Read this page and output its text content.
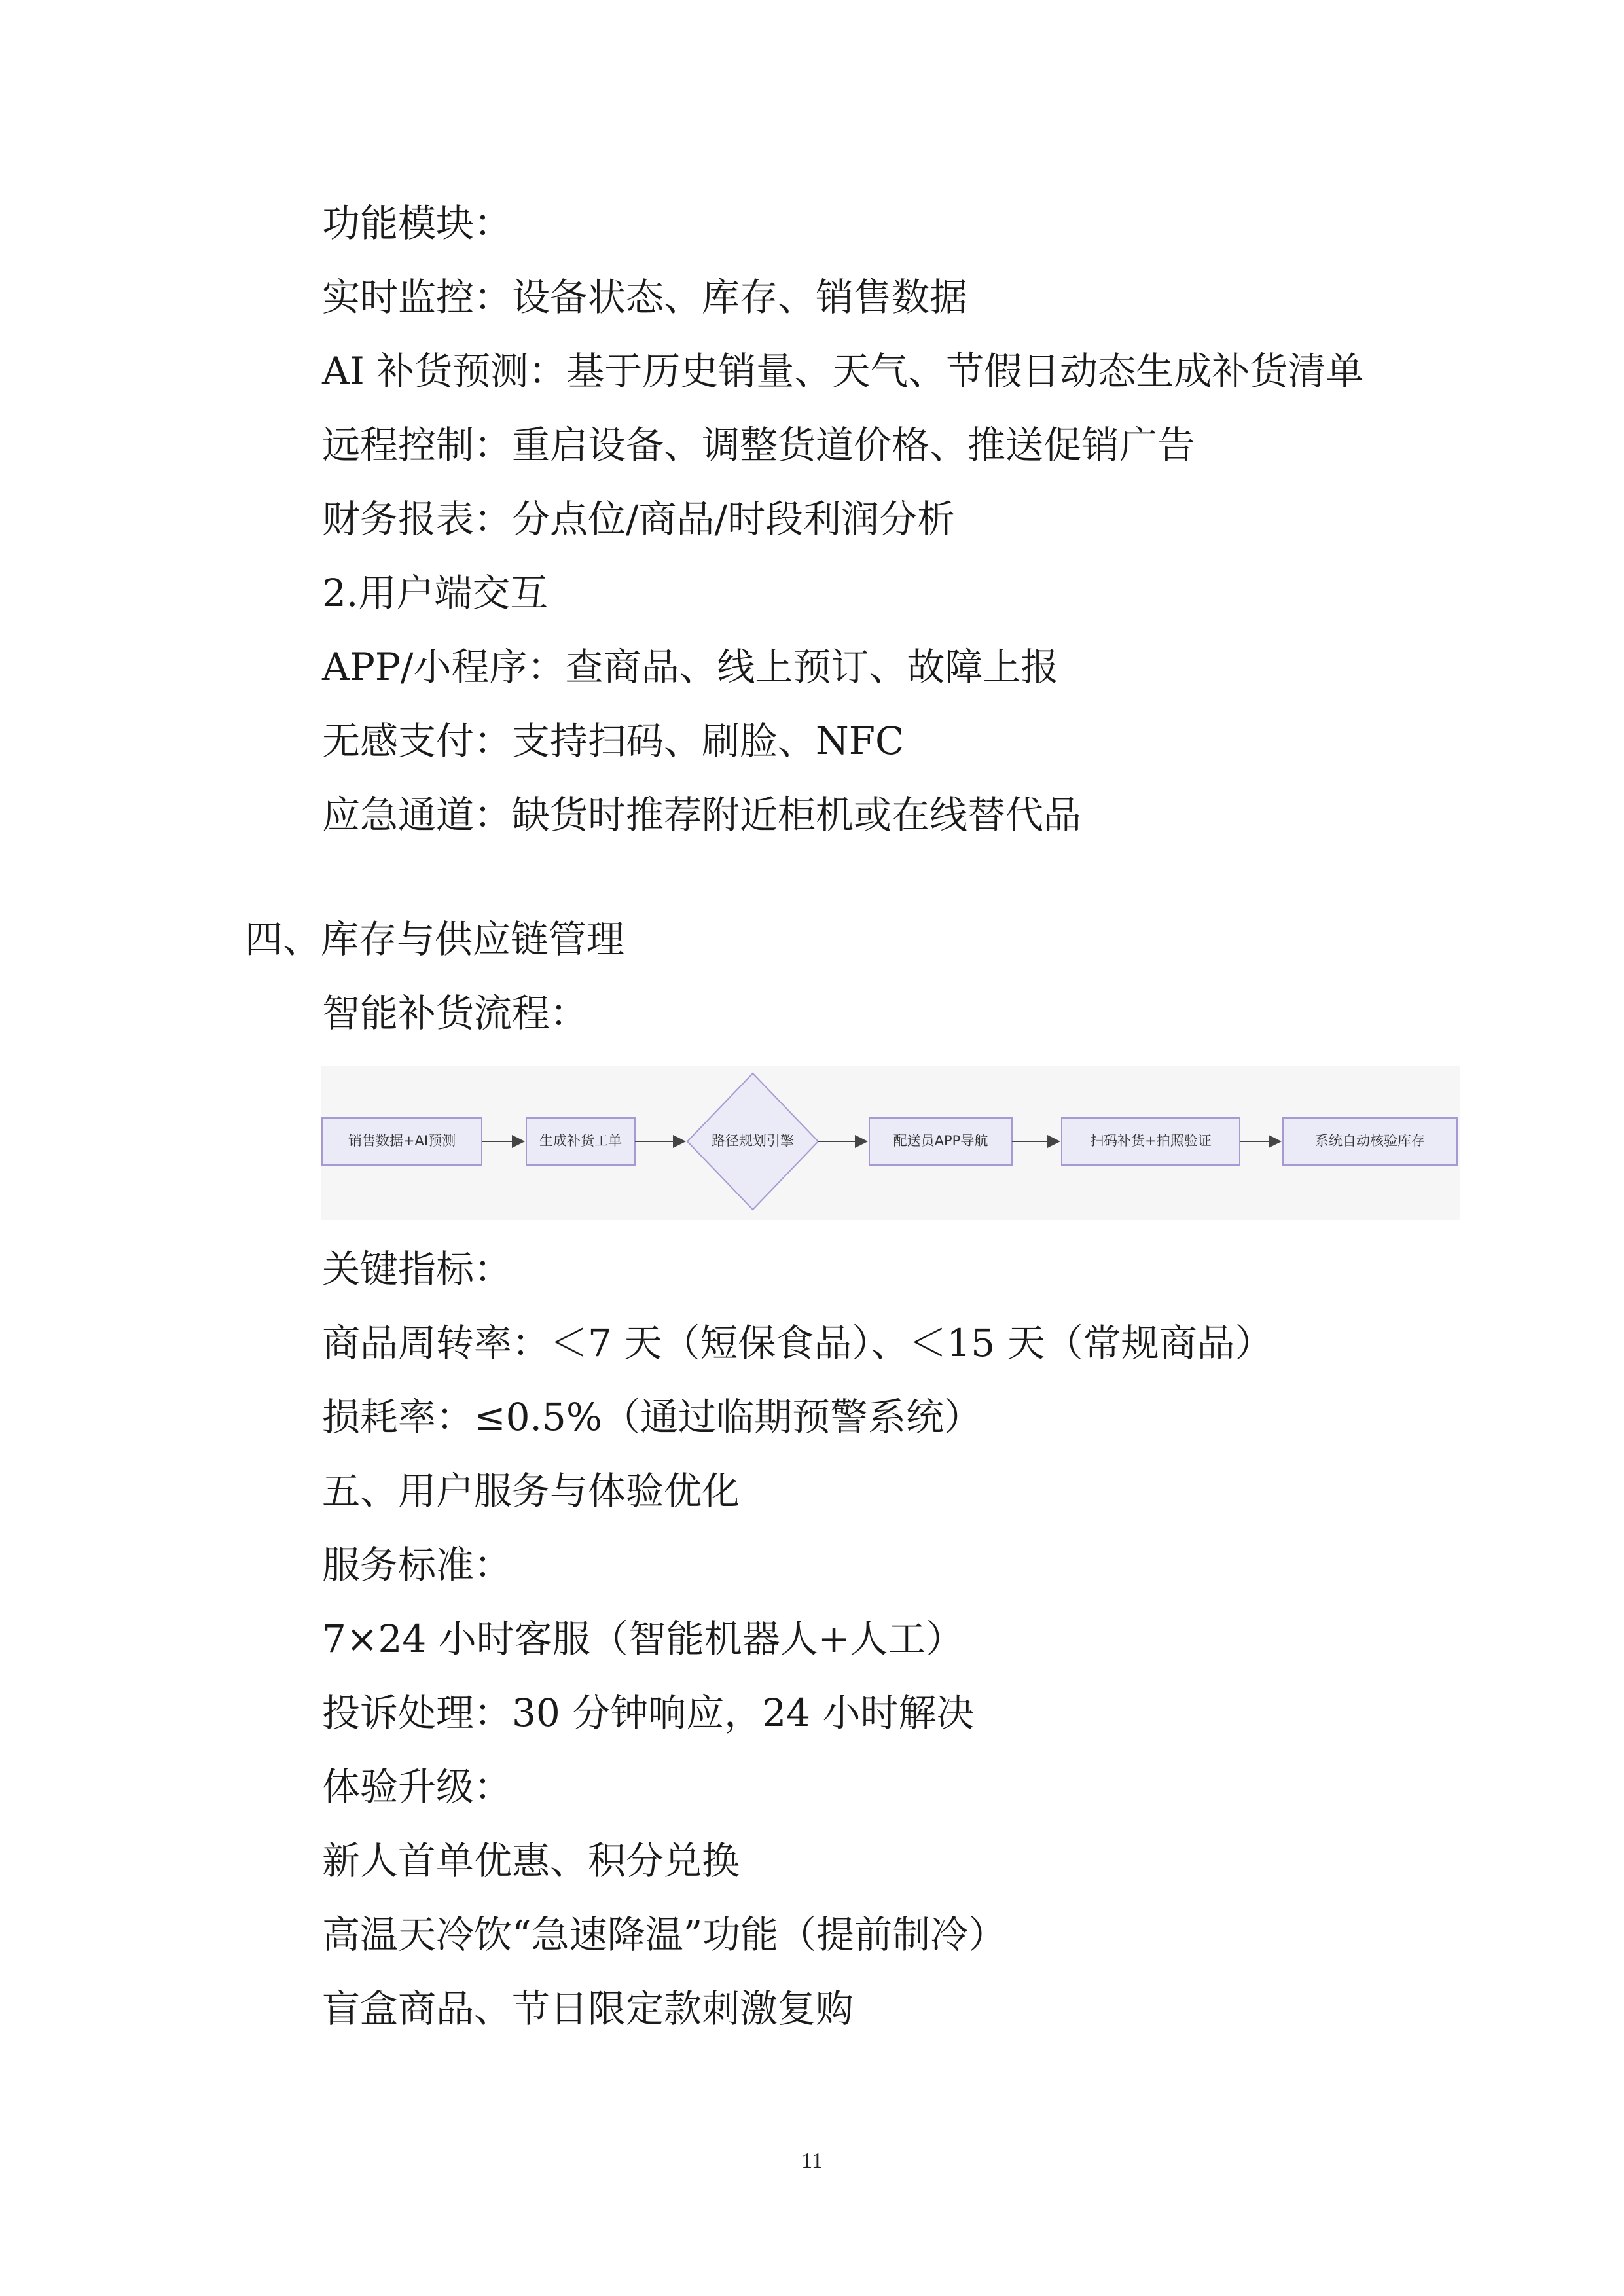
功能模块：
实时监控：设备状态、库存、销售数据
AI 补货预测：基于历史销量、天气、节假日动态生成补货清单
远程控制：重启设备、调整货道价格、推送促销广告
财务报表：分点位/商品/时段利润分析
2.用户端交互
APP/小程序：查商品、线上预订、故障上报
无感支付：支持扫码、刷脸、NFC
应急通道：缺货时推荐附近柜机或在线替代品
四、库存与供应链管理
智能补货流程：
销售数据+AI预测	生成补货工单	路径规划引擎	配送员APP导航	扫码补货+拍照验证	系统自动核验库存
关键指标：
商品周转率：＜7 天（短保食品）、＜15 天（常规商品）
损耗率：≤0.5%（通过临期预警系统）
五、用户服务与体验优化
服务标准：
7×24 小时客服（智能机器人+人工）
投诉处理：30 分钟响应，24 小时解决
体验升级：
新人首单优惠、积分兑换
高温天冷饮“急速降温”功能（提前制冷）
盲盒商品、节日限定款刺激复购
11
